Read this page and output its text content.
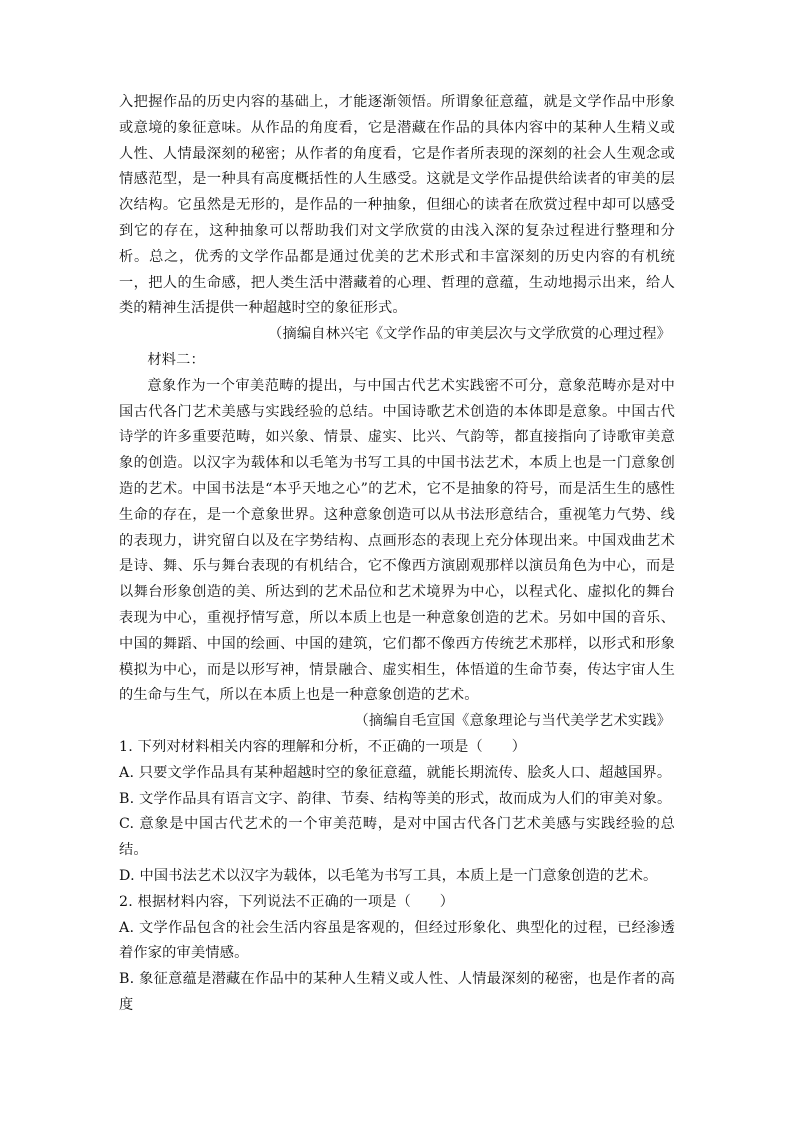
入把握作品的历史内容的基础上，才能逐渐领悟。所谓象征意蕴，就是文学作品中形象或意境的象征意味。从作品的角度看，它是潜藏在作品的具体内容中的某种人生精义或人性、人情最深刻的秘密；从作者的角度看，它是作者所表现的深刻的社会人生观念或情感范型，是一种具有高度概括性的人生感受。这就是文学作品提供给读者的审美的层次结构。它虽然是无形的，是作品的一种抽象，但细心的读者在欣赏过程中却可以感受到它的存在，这种抽象可以帮助我们对文学欣赏的由浅入深的复杂过程进行整理和分析。总之，优秀的文学作品都是通过优美的艺术形式和丰富深刻的历史内容的有机统一，把人的生命感，把人类生活中潜藏着的心理、哲理的意蕴，生动地揭示出来，给人类的精神生活提供一种超越时空的象征形式。

（摘编自林兴宅《文学作品的审美层次与文学欣赏的心理过程》

材料二：

意象作为一个审美范畴的提出，与中国古代艺术实践密不可分，意象范畴亦是对中国古代各门艺术美感与实践经验的总结。中国诗歌艺术创造的本体即是意象。中国古代诗学的许多重要范畴，如兴象、情景、虚实、比兴、气韵等，都直接指向了诗歌审美意象的创造。以汉字为载体和以毛笔为书写工具的中国书法艺术，本质上也是一门意象创造的艺术。中国书法是“本乎天地之心”的艺术，它不是抽象的符号，而是活生生的感性生命的存在，是一个意象世界。这种意象创造可以从书法形意结合，重视笔力气势、线的表现力，讲究留白以及在字势结构、点画形态的表现上充分体现出来。中国戏曲艺术是诗、舞、乐与舞台表现的有机结合，它不像西方演剧观那样以演员角色为中心，而是以舞台形象创造的美、所达到的艺术品位和艺术境界为中心，以程式化、虚拟化的舞台表现为中心，重视抒情写意，所以本质上也是一种意象创造的艺术。另如中国的音乐、中国的舞蹈、中国的绘画、中国的建筑，它们都不像西方传统艺术那样，以形式和形象模拟为中心，而是以形写神，情景融合、虚实相生，体悟道的生命节奏，传达宇宙人生的生命与生气，所以在本质上也是一种意象创造的艺术。

（摘编自毛宣国《意象理论与当代美学艺术实践》

1. 下列对材料相关内容的理解和分析，不正确的一项是（　　）

A. 只要文学作品具有某种超越时空的象征意蕴，就能长期流传、脍炙人口、超越国界。

B. 文学作品具有语言文字、韵律、节奏、结构等美的形式，故而成为人们的审美对象。

C. 意象是中国古代艺术的一个审美范畴，是对中国古代各门艺术美感与实践经验的总结。

D. 中国书法艺术以汉字为载体，以毛笔为书写工具，本质上是一门意象创造的艺术。

2. 根据材料内容，下列说法不正确的一项是（　　）

A. 文学作品包含的社会生活内容虽是客观的，但经过形象化、典型化的过程，已经渗透着作家的审美情感。

B. 象征意蕴是潜藏在作品中的某种人生精义或人性、人情最深刻的秘密，也是作者的高度
